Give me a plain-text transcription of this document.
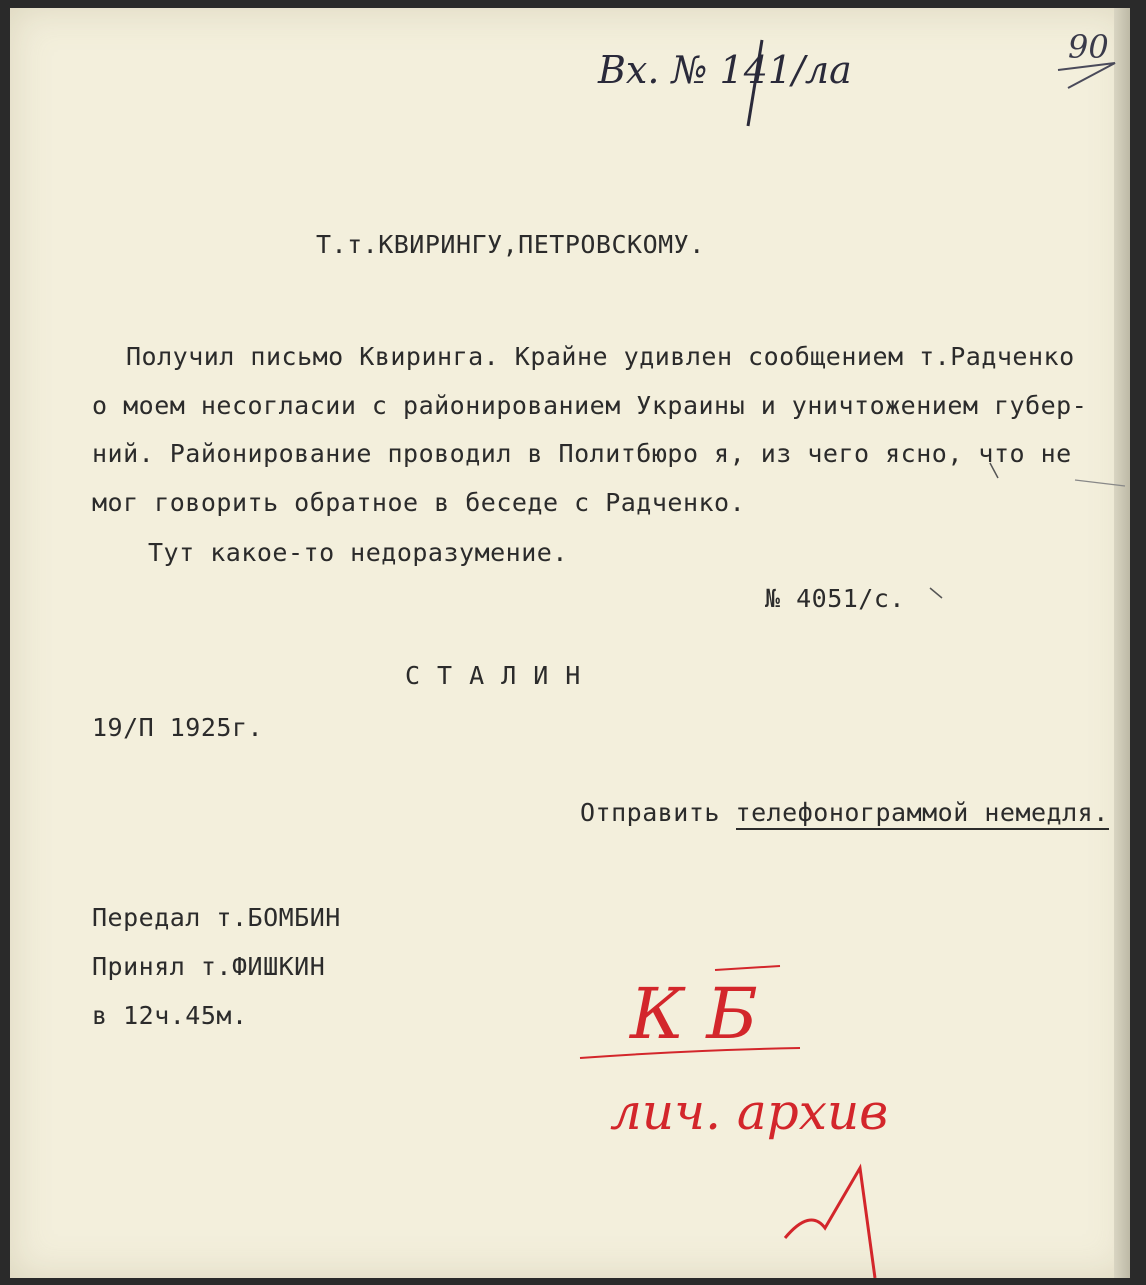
Вх. № 141/ла
90
Т.т.КВИРИНГУ,ПЕТРОВСКОМУ.
Получил письмо Квиринга. Крайне удивлен сообщением т.Радченко
о моем несогласии с районированием Украины и уничтожением губер-
ний. Районирование проводил в Политбюро я, из чего ясно, что не
мог говорить обратное в беседе с Радченко.
Тут какое-то недоразумение.
№ 4051/с.
СТАЛИН
19/П 1925г.
Отправить телефонограммой немедля.
Передал т.БОМБИН
Принял т.ФИШКИН
в 12ч.45м.	К Б
лич. архив
